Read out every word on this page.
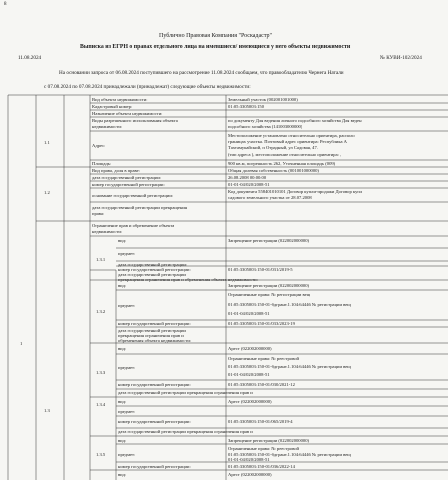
8
Публично Правовая Компания "Роскадастр"
Выписка из ЕГРН о правах отдельного лица на имевшиеся/ имеющиеся у него объекты недвижимости
11.08.2024	№ КУВИ-102/2024
На основании запроса от 06.08.2024 поступившего на рассмотрение 11.08.2024 сообщаем, что правообладателю Чернега Натали
с 07.08.2024 по 07.08.2024 принадлежали (принадлежат) следующие объекты недвижимости:
1
1.1
Вид объекта недвижимости:	Земельный участок (002001001000)
Кадастровый номер:	01:05:3305003:150
Назначение объекта недвижимости:
Виды разрешенного использования объекта
недвижимости:
по документу Для ведения личного подсобного хозяйства Для веден
подсобного хозяйства (141003000000)
Адрес:
Местоположение установлено относительно ориентира, располо
границах участка. Почтовый адрес ориентира: Республика А
Тахтамукайский, п Отрадный, ул Садовая, 47.
(тип адреса ), местоположение относительно ориентира: ,
Площадь:	900 кв.м, погрешность 262, Уточненная площадь (009)
1.2
Вид права, доля в праве:	Общая долевая собственность (001001000000)
дата государственной регистрации:	26.08.2008 00:00:00
номер государственной регистрации:	01-01-04/020/2008-51
основание государственной регистрации:
Код документа 558401010101 Договор купли-продажи Договор купл
садового земельного участка от 28.07.2008
дата государственной регистрации прекращения
права:
1.3
Ограничение прав и обременение объекта
недвижимости:
1.3.1
вид:	Запрещение регистрации (022002000000)
предмет:
дата государственной регистрации:
номер государственной регистрации:	01:05:3305003:150-01/031/2019-5
дата государственной регистрации
прекращения ограничения прав и обременения объекта недвижимости:
1.3.2
вид:	Запрещение регистрации (022002000000)
предмет:
Ограниченные права: № регистрации вещ
01:05:3305003:150-01-бдгрант.1.104:64446 № регистрации вещ
01-01-04/020/2008-51
номер государственной регистрации:	01:05:3305003:150-01/033/2023-19
дата государственной регистрации
прекращения ограничения прав и
обременения объекта недвижимости:
1.3.3
вид:	Арест (022002000000)
предмет:
Ограниченные права: № реестровой
01:05:3305003:150-01-бдгрант.1.104:64446 № регистрации вещ
01-01-04/020/2008-51
номер государственной регистрации:	01:05:3305003:150-01/030/2021-12
дата государственной регистрации прекращения ограничения прав и
1.3.4
вид:	Арест (022002000000)
предмет:
номер государственной регистрации:	01:05:3305003:150-01/065/2019-4
дата государственной регистрации прекращения ограничения прав и
1.3.5
вид:	Запрещение регистрации (022002000000)
предмет:
Ограниченные права: № реестровой
01:05:3305003:150-01-бдгрант.1.104:64446 № регистрации вещ
01-01-04/020/2008-51
номер государственной регистрации:	01:05:3305003:150-01/036/2022-14
вид:	Арест (022002000000)
